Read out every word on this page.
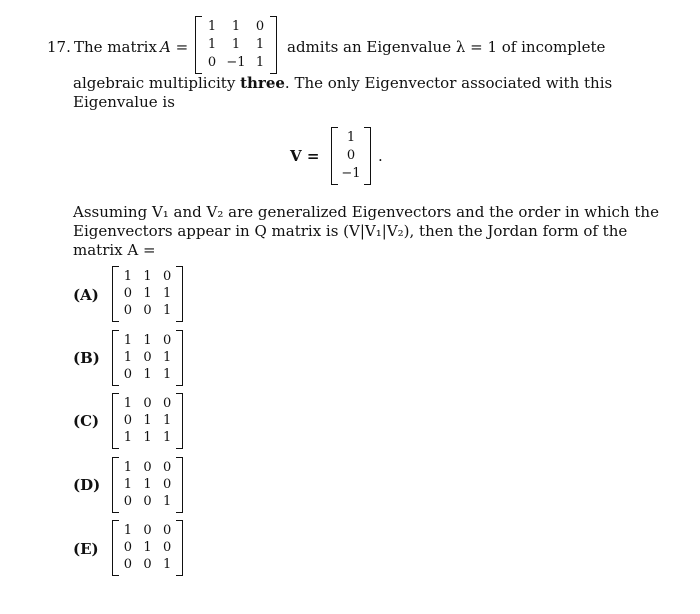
17. The matrix A =
1 1 0
1 1 1
0 −1 1
admits an Eigenvalue λ = 1 of incomplete
algebraic multiplicity three. The only Eigenvector associated with this
Eigenvalue is
V =
1
0
−1
.
Assuming V₁ and V₂ are generalized Eigenvectors and the order in which the
Eigenvectors appear in Q matrix is (V|V₁|V₂), then the Jordan form of the
matrix A =
(A)
1 1 0
0 1 1
0 0 1
(B)
1 1 0
1 0 1
0 1 1
(C)
1 0 0
0 1 1
1 1 1
(D)
1 0 0
1 1 0
0 0 1
(E)
1 0 0
0 1 0
0 0 1
